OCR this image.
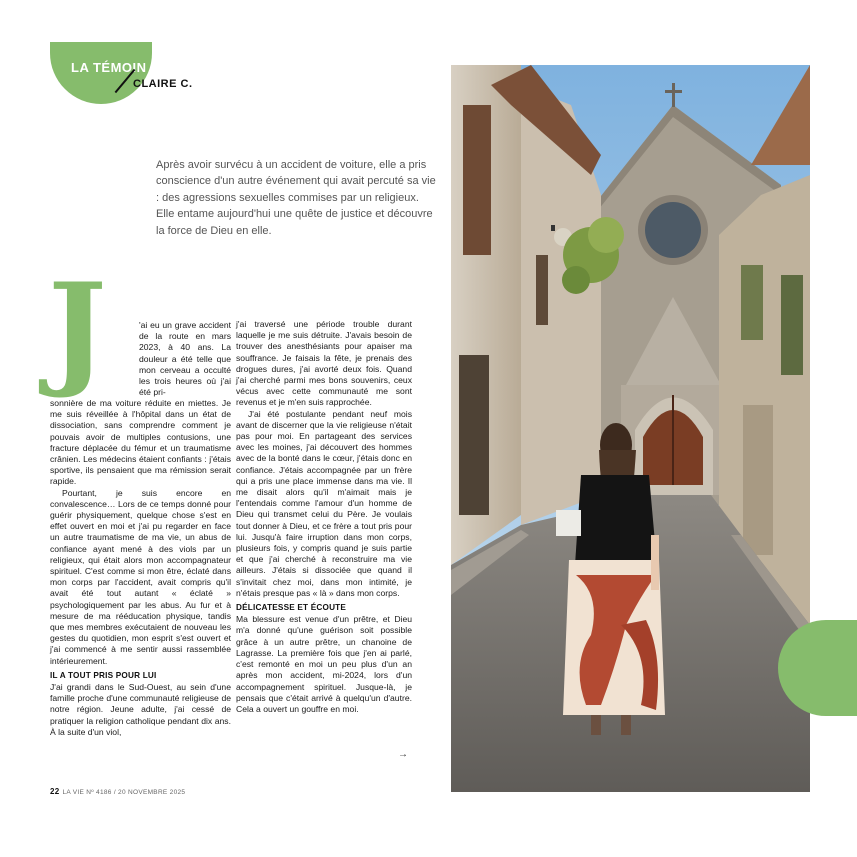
LA TÉMOIN
CLAIRE C.

Après avoir survécu à un accident de voiture, elle a pris conscience d'un autre événement qui avait percuté sa vie : des agressions sexuelles commises par un religieux. Elle entame aujourd'hui une quête de justice et découvre la force de Dieu en elle.

J	'ai eu un grave accident de la route en mars 2023, à 40 ans. La douleur a été telle que mon cerveau a occulté les trois heures où j'ai été pri-

sonnière de ma voiture réduite en miettes. Je me suis réveillée à l'hôpital dans un état de dissociation, sans comprendre comment je pouvais avoir de multiples contusions, une fracture déplacée du fémur et un traumatisme crânien. Les médecins étaient confiants : j'étais sportive, ils pensaient que ma rémission serait rapide.

Pourtant, je suis encore en convalescence… Lors de ce temps donné pour guérir physiquement, quelque chose s'est en effet ouvert en moi et j'ai pu regarder en face un autre traumatisme de ma vie, un abus de confiance ayant mené à des viols par un religieux, qui était alors mon accompagnateur spirituel. C'est comme si mon être, éclaté dans mon corps par l'accident, avait compris qu'il avait été tout autant « éclaté » psychologiquement par les abus. Au fur et à mesure de ma rééducation physique, tandis que mes membres exécutaient de nouveau les gestes du quotidien, mon esprit s'est ouvert et j'ai commencé à me sentir aussi rassemblée intérieurement.

IL A TOUT PRIS POUR LUI

J'ai grandi dans le Sud-Ouest, au sein d'une famille proche d'une communauté religieuse de notre région. Jeune adulte, j'ai cessé de pratiquer la religion catholique pendant dix ans. À la suite d'un viol,

j'ai traversé une période trouble durant laquelle je me suis détruite. J'avais besoin de trouver des anesthésiants pour apaiser ma souffrance. Je faisais la fête, je prenais des drogues dures, j'ai avorté deux fois. Quand j'ai cherché parmi mes bons souvenirs, ceux vécus avec cette communauté me sont revenus et je m'en suis rapprochée.

J'ai été postulante pendant neuf mois avant de discerner que la vie religieuse n'était pas pour moi. En partageant des services avec les moines, j'ai découvert des hommes avec de la bonté dans le cœur, j'étais donc en confiance. J'étais accompagnée par un frère qui a pris une place immense dans ma vie. Il me disait alors qu'il m'aimait mais je l'entendais comme l'amour d'un homme de Dieu qui transmet celui du Père. Je voulais tout donner à Dieu, et ce frère a tout pris pour lui. Jusqu'à faire irruption dans mon corps, plusieurs fois, y compris quand je suis partie et que j'ai cherché à reconstruire ma vie ailleurs. J'étais si dissociée que quand il s'invitait chez moi, dans mon intimité, je n'étais presque pas « là » dans mon corps.

DÉLICATESSE ET ÉCOUTE

Ma blessure est venue d'un prêtre, et Dieu m'a donné qu'une guérison soit possible grâce à un autre prêtre, un chanoine de Lagrasse. La première fois que j'en ai parlé, c'est remonté en moi un peu plus d'un an après mon accident, mi-2024, lors d'un accompagnement spirituel. Jusque-là, je pensais que c'était arrivé à quelqu'un d'autre. Cela a ouvert un gouffre en moi.

→
22 LA VIE Nº 4186 / 20 NOVEMBRE 2025
